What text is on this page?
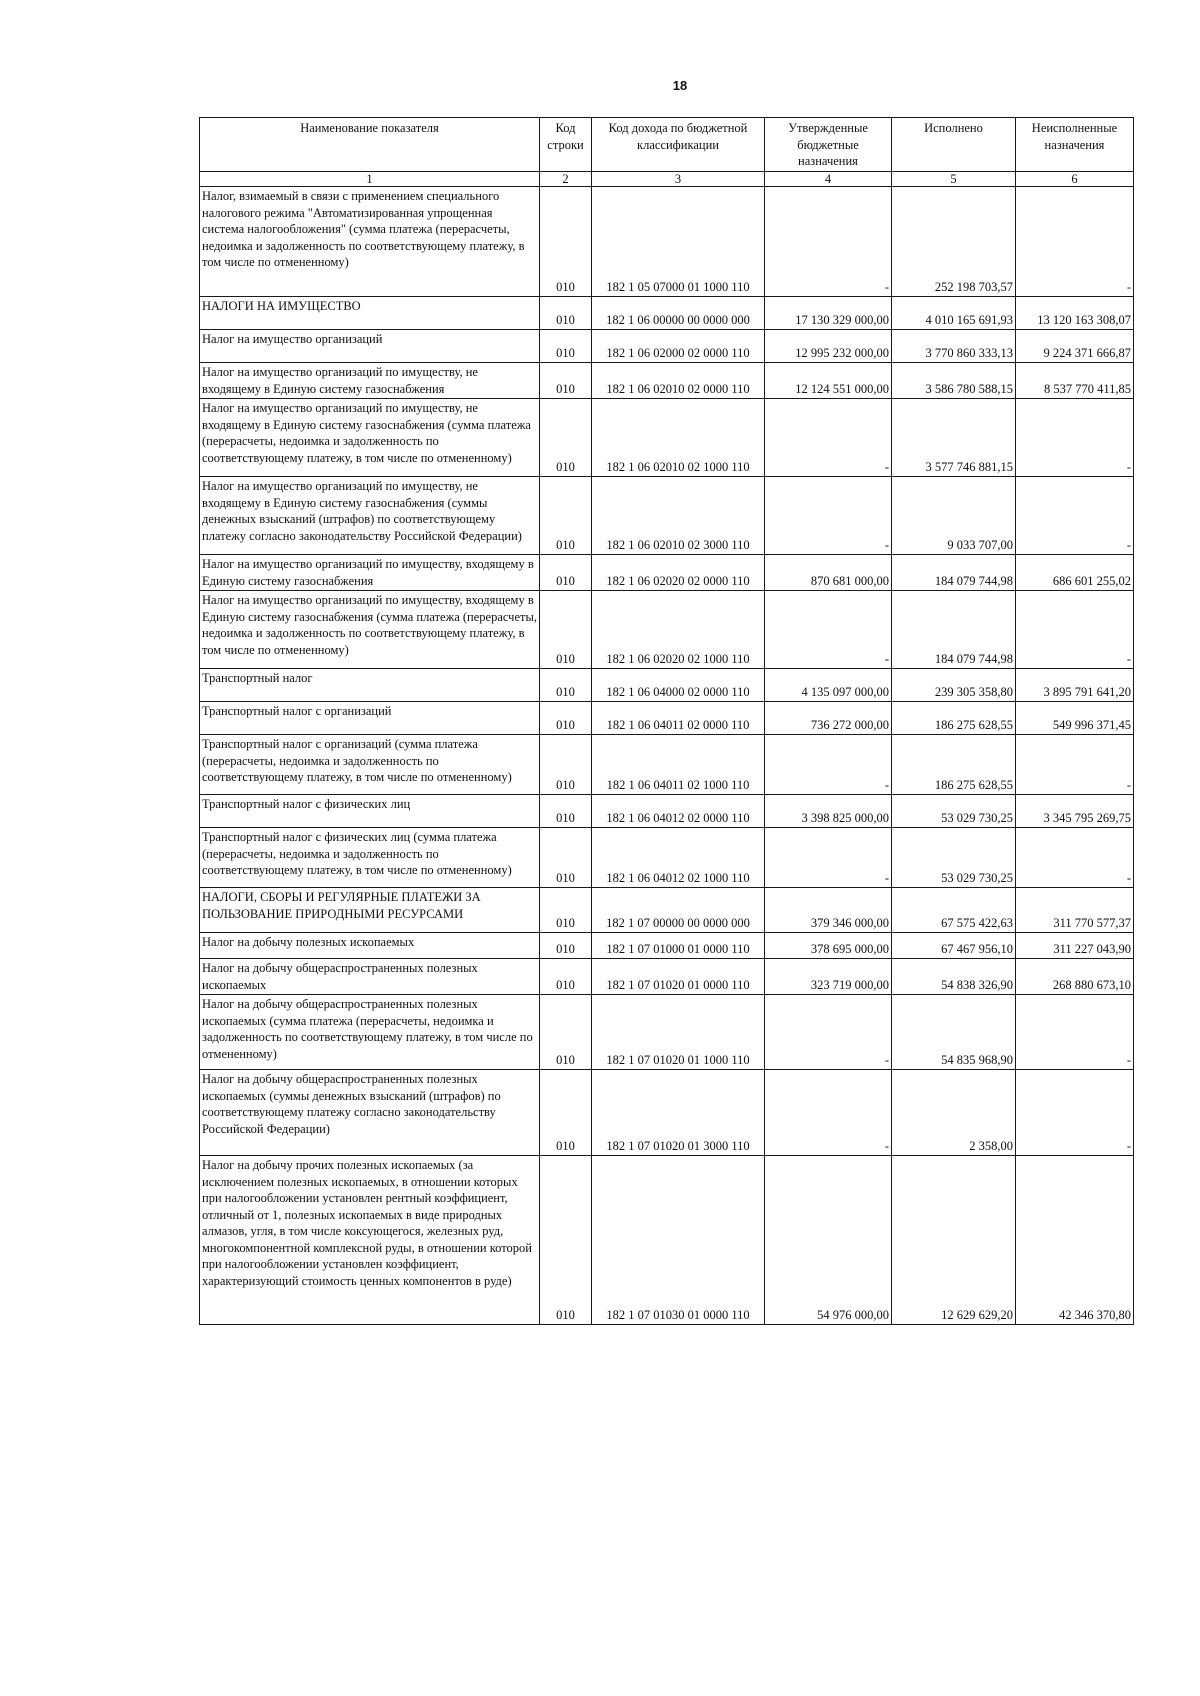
18
Наименование показателя	Код строки	Код дохода по бюджетной классификации	Утвержденные бюджетные назначения	Исполнено	Неисполненные назначения
1	2	3	4	5	6
Налог, взимаемый в связи с применением специального налогового режима "Автоматизированная упрощенная система налогообложения" (сумма платежа (перерасчеты, недоимка и задолженность по соответствующему платежу, в том числе по отмененному)	010	182 1 05 07000 01 1000 110	-	252 198 703,57	-
НАЛОГИ НА ИМУЩЕСТВО	010	182 1 06 00000 00 0000 000	17 130 329 000,00	4 010 165 691,93	13 120 163 308,07
Налог на имущество организаций	010	182 1 06 02000 02 0000 110	12 995 232 000,00	3 770 860 333,13	9 224 371 666,87
Налог на имущество организаций по имуществу, не входящему в Единую систему газоснабжения	010	182 1 06 02010 02 0000 110	12 124 551 000,00	3 586 780 588,15	8 537 770 411,85
Налог на имущество организаций по имуществу, не входящему в Единую систему газоснабжения (сумма платежа (перерасчеты, недоимка и задолженность по соответствующему платежу, в том числе по отмененному)	010	182 1 06 02010 02 1000 110	-	3 577 746 881,15	-
Налог на имущество организаций по имуществу, не входящему в Единую систему газоснабжения (суммы денежных взысканий (штрафов) по соответствующему платежу согласно законодательству Российской Федерации)	010	182 1 06 02010 02 3000 110	-	9 033 707,00	-
Налог на имущество организаций по имуществу, входящему в Единую систему газоснабжения	010	182 1 06 02020 02 0000 110	870 681 000,00	184 079 744,98	686 601 255,02
Налог на имущество организаций по имуществу, входящему в Единую систему газоснабжения (сумма платежа (перерасчеты, недоимка и задолженность по соответствующему платежу, в том числе по отмененному)	010	182 1 06 02020 02 1000 110	-	184 079 744,98	-
Транспортный налог	010	182 1 06 04000 02 0000 110	4 135 097 000,00	239 305 358,80	3 895 791 641,20
Транспортный налог с организаций	010	182 1 06 04011 02 0000 110	736 272 000,00	186 275 628,55	549 996 371,45
Транспортный налог с организаций (сумма платежа (перерасчеты, недоимка и задолженность по соответствующему платежу, в том числе по отмененному)	010	182 1 06 04011 02 1000 110	-	186 275 628,55	-
Транспортный налог с физических лиц	010	182 1 06 04012 02 0000 110	3 398 825 000,00	53 029 730,25	3 345 795 269,75
Транспортный налог с физических лиц (сумма платежа (перерасчеты, недоимка и задолженность по соответствующему платежу, в том числе по отмененному)	010	182 1 06 04012 02 1000 110	-	53 029 730,25	-
НАЛОГИ, СБОРЫ И РЕГУЛЯРНЫЕ ПЛАТЕЖИ ЗА ПОЛЬЗОВАНИЕ ПРИРОДНЫМИ РЕСУРСАМИ	010	182 1 07 00000 00 0000 000	379 346 000,00	67 575 422,63	311 770 577,37
Налог на добычу полезных ископаемых	010	182 1 07 01000 01 0000 110	378 695 000,00	67 467 956,10	311 227 043,90
Налог на добычу общераспространенных полезных ископаемых	010	182 1 07 01020 01 0000 110	323 719 000,00	54 838 326,90	268 880 673,10
Налог на добычу общераспространенных полезных ископаемых (сумма платежа (перерасчеты, недоимка и задолженность по соответствующему платежу, в том числе по отмененному)	010	182 1 07 01020 01 1000 110	-	54 835 968,90	-
Налог на добычу общераспространенных полезных ископаемых (суммы денежных взысканий (штрафов) по соответствующему платежу согласно законодательству Российской Федерации)	010	182 1 07 01020 01 3000 110	-	2 358,00	-
Налог на добычу прочих полезных ископаемых (за исключением полезных ископаемых, в отношении которых при налогообложении установлен рентный коэффициент, отличный от 1, полезных ископаемых в виде природных алмазов, угля, в том числе коксующегося, железных руд, многокомпонентной комплексной руды, в отношении которой при налогообложении установлен коэффициент, характеризующий стоимость ценных компонентов в руде)	010	182 1 07 01030 01 0000 110	54 976 000,00	12 629 629,20	42 346 370,80
